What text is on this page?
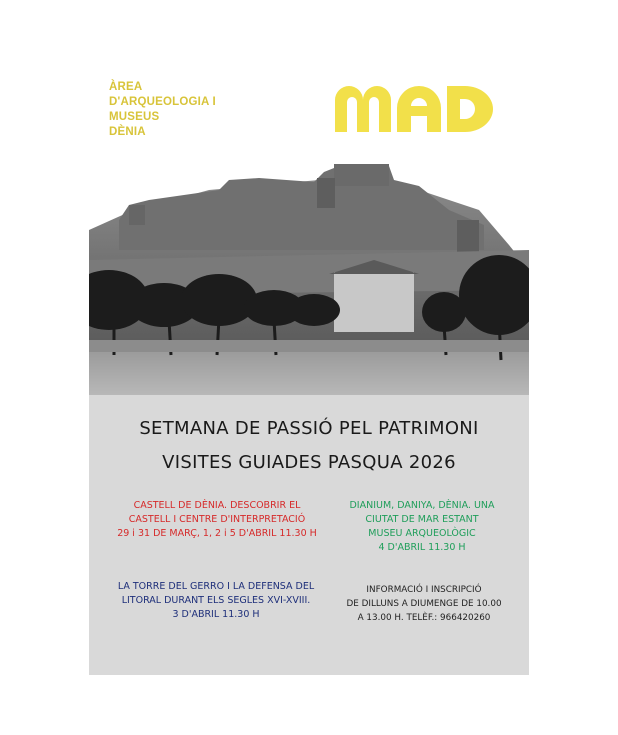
ÀREA
D'ARQUEOLOGIA I
MUSEUS
DÈNIA
SETMANA DE PASSIÓ PEL PATRIMONI
VISITES GUIADES PASQUA 2026
CASTELL DE DÈNIA. DESCOBRIR EL
CASTELL I CENTRE D'INTERPRETACIÓ
29 i 31 DE MARÇ, 1, 2 i 5 D'ABRIL 11.30 H
DIANIUM, DANIYA, DÈNIA. UNA
CIUTAT DE MAR ESTANT
MUSEU ARQUEOLÒGIC
4 D'ABRIL 11.30 H
LA TORRE DEL GERRO I LA DEFENSA DEL
LITORAL DURANT ELS SEGLES XVI-XVIII.
3 D'ABRIL 11.30 H
INFORMACIÓ I INSCRIPCIÓ
DE DILLUNS A DIUMENGE DE 10.00
A 13.00 H. TELÈF.: 966420260
